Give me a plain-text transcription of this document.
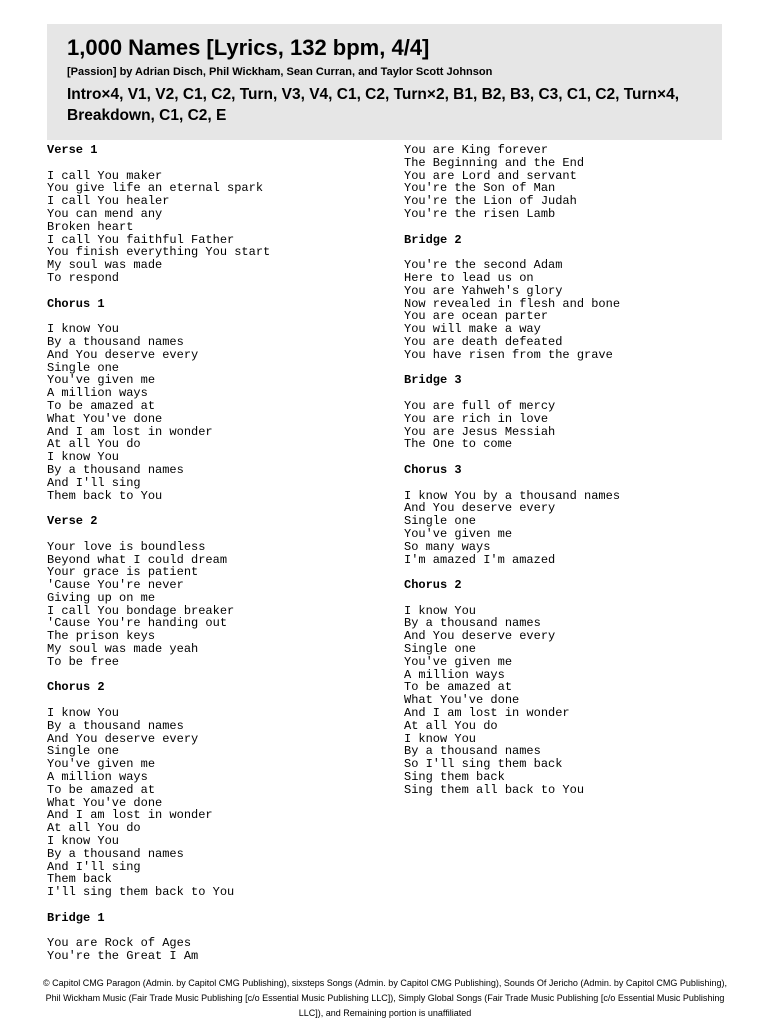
1,000 Names [Lyrics, 132 bpm, 4/4]
[Passion] by Adrian Disch, Phil Wickham, Sean Curran, and Taylor Scott Johnson
Intro×4, V1, V2, C1, C2, Turn, V3, V4, C1, C2, Turn×2, B1, B2, B3, C3, C1, C2, Turn×4, Breakdown, C1, C2, E
Verse 1
I call You maker
You give life an eternal spark
I call You healer
You can mend any
Broken heart
I call You faithful Father
You finish everything You start
My soul was made
To respond
Chorus 1
I know You
By a thousand names
And You deserve every
Single one
You've given me
A million ways
To be amazed at
What You've done
And I am lost in wonder
At all You do
I know You
By a thousand names
And I'll sing
Them back to You
Verse 2
Your love is boundless
Beyond what I could dream
Your grace is patient
'Cause You're never
Giving up on me
I call You bondage breaker
'Cause You're handing out
The prison keys
My soul was made yeah
To be free
Chorus 2
I know You
By a thousand names
And You deserve every
Single one
You've given me
A million ways
To be amazed at
What You've done
And I am lost in wonder
At all You do
I know You
By a thousand names
And I'll sing
Them back
I'll sing them back to You
Bridge 1
You are Rock of Ages
You're the Great I Am
You are King forever
The Beginning and the End
You are Lord and servant
You're the Son of Man
You're the Lion of Judah
You're the risen Lamb
Bridge 2
You're the second Adam
Here to lead us on
You are Yahweh's glory
Now revealed in flesh and bone
You are ocean parter
You will make a way
You are death defeated
You have risen from the grave
Bridge 3
You are full of mercy
You are rich in love
You are Jesus Messiah
The One to come
Chorus 3
I know You by a thousand names
And You deserve every
Single one
You've given me
So many ways
I'm amazed I'm amazed
Chorus 2
I know You
By a thousand names
And You deserve every
Single one
You've given me
A million ways
To be amazed at
What You've done
And I am lost in wonder
At all You do
I know You
By a thousand names
So I'll sing them back
Sing them back
Sing them all back to You
© Capitol CMG Paragon (Admin. by Capitol CMG Publishing), sixsteps Songs (Admin. by Capitol CMG Publishing), Sounds Of Jericho (Admin. by Capitol CMG Publishing), Phil Wickham Music (Fair Trade Music Publishing [c/o Essential Music Publishing LLC]), Simply Global Songs (Fair Trade Music Publishing [c/o Essential Music Publishing LLC]), and Remaining portion is unaffiliated
